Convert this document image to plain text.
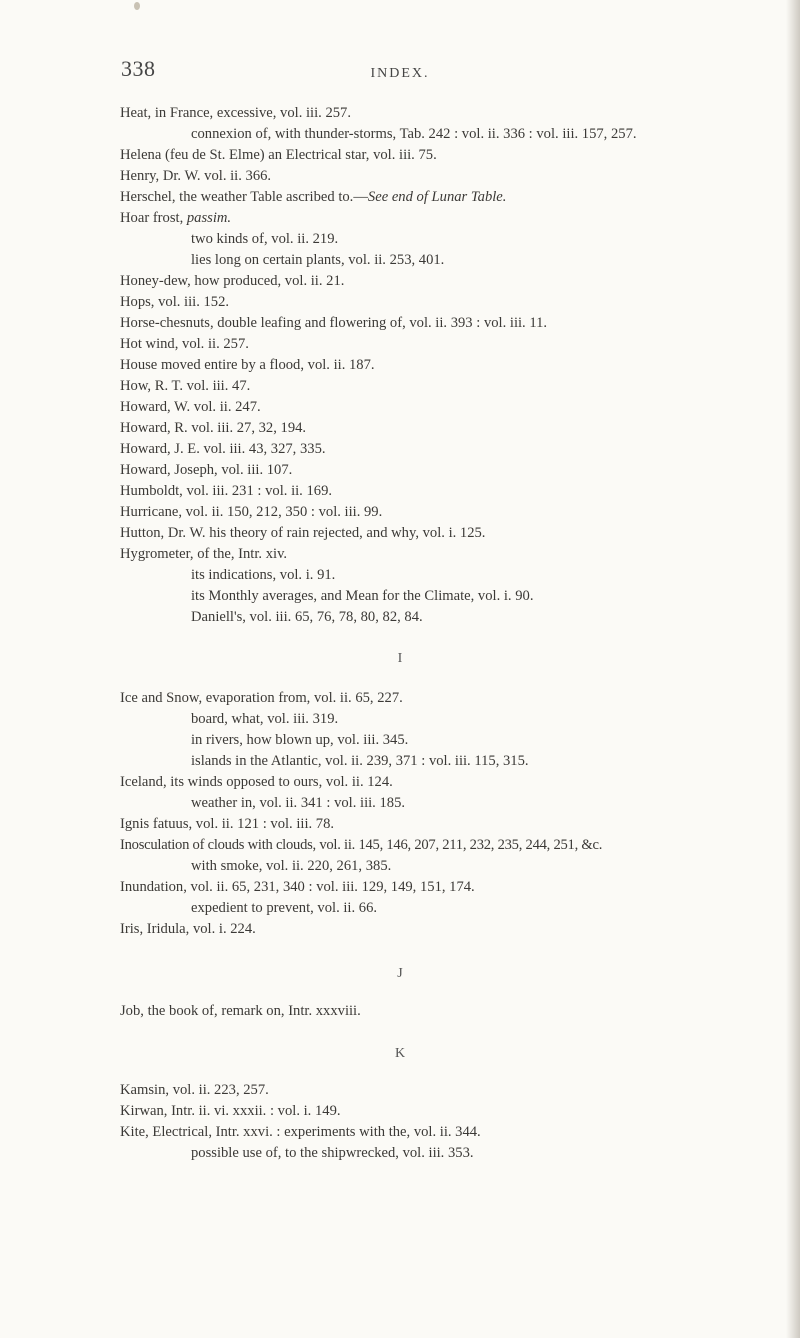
338	INDEX.
Heat, in France, excessive, vol. iii. 257.
connexion of, with thunder-storms, Tab. 242 : vol. ii. 336 : vol. iii. 157, 257.
Helena (feu de St. Elme) an Electrical star, vol. iii. 75.
Henry, Dr. W. vol. ii. 366.
Herschel, the weather Table ascribed to.—See end of Lunar Table.
Hoar frost, passim.
two kinds of, vol. ii. 219.
lies long on certain plants, vol. ii. 253, 401.
Honey-dew, how produced, vol. ii. 21.
Hops, vol. iii. 152.
Horse-chesnuts, double leafing and flowering of, vol. ii. 393 : vol. iii. 11.
Hot wind, vol. ii. 257.
House moved entire by a flood, vol. ii. 187.
How, R. T. vol. iii. 47.
Howard, W. vol. ii. 247.
Howard, R. vol. iii. 27, 32, 194.
Howard, J. E. vol. iii. 43, 327, 335.
Howard, Joseph, vol. iii. 107.
Humboldt, vol. iii. 231 : vol. ii. 169.
Hurricane, vol. ii. 150, 212, 350 : vol. iii. 99.
Hutton, Dr. W. his theory of rain rejected, and why, vol. i. 125.
Hygrometer, of the, Intr. xiv.
its indications, vol. i. 91.
its Monthly averages, and Mean for the Climate, vol. i. 90.
Daniell's, vol. iii. 65, 76, 78, 80, 82, 84.
I
Ice and Snow, evaporation from, vol. ii. 65, 227.
board, what, vol. iii. 319.
in rivers, how blown up, vol. iii. 345.
islands in the Atlantic, vol. ii. 239, 371 : vol. iii. 115, 315.
Iceland, its winds opposed to ours, vol. ii. 124.
weather in, vol. ii. 341 : vol. iii. 185.
Ignis fatuus, vol. ii. 121 : vol. iii. 78.
Inosculation of clouds with clouds, vol. ii. 145, 146, 207, 211, 232, 235, 244, 251, &c.
with smoke, vol. ii. 220, 261, 385.
Inundation, vol. ii. 65, 231, 340 : vol. iii. 129, 149, 151, 174.
expedient to prevent, vol. ii. 66.
Iris, Iridula, vol. i. 224.
J
Job, the book of, remark on, Intr. xxxviii.
K
Kamsin, vol. ii. 223, 257.
Kirwan, Intr. ii. vi. xxxii. : vol. i. 149.
Kite, Electrical, Intr. xxvi. : experiments with the, vol. ii. 344.
possible use of, to the shipwrecked, vol. iii. 353.
